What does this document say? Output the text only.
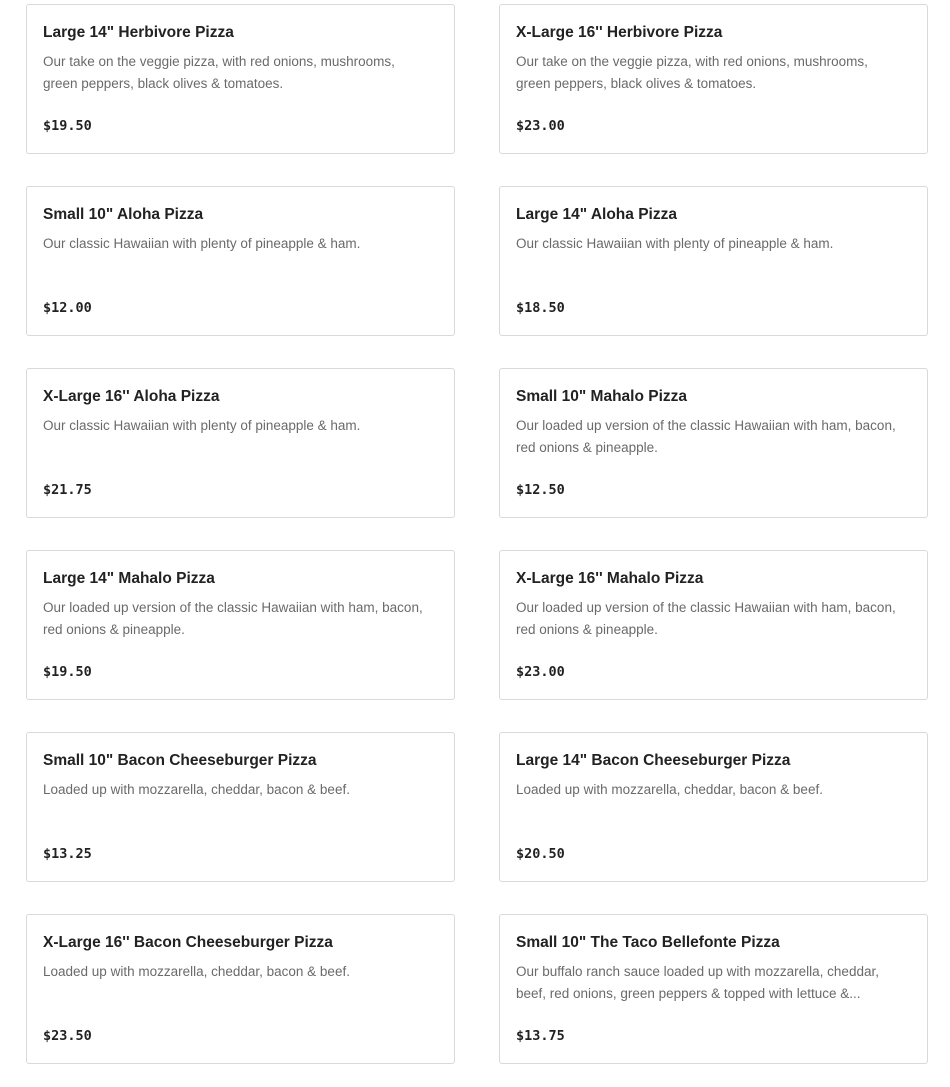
Large 14" Herbivore Pizza
Our take on the veggie pizza, with red onions, mushrooms, green peppers, black olives & tomatoes.
$19.50
X-Large 16'' Herbivore Pizza
Our take on the veggie pizza, with red onions, mushrooms, green peppers, black olives & tomatoes.
$23.00
Small 10" Aloha Pizza
Our classic Hawaiian with plenty of pineapple & ham.
$12.00
Large 14" Aloha Pizza
Our classic Hawaiian with plenty of pineapple & ham.
$18.50
X-Large 16'' Aloha Pizza
Our classic Hawaiian with plenty of pineapple & ham.
$21.75
Small 10" Mahalo Pizza
Our loaded up version of the classic Hawaiian with ham, bacon, red onions & pineapple.
$12.50
Large 14" Mahalo Pizza
Our loaded up version of the classic Hawaiian with ham, bacon, red onions & pineapple.
$19.50
X-Large 16'' Mahalo Pizza
Our loaded up version of the classic Hawaiian with ham, bacon, red onions & pineapple.
$23.00
Small 10" Bacon Cheeseburger Pizza
Loaded up with mozzarella, cheddar, bacon & beef.
$13.25
Large 14" Bacon Cheeseburger Pizza
Loaded up with mozzarella, cheddar, bacon & beef.
$20.50
X-Large 16'' Bacon Cheeseburger Pizza
Loaded up with mozzarella, cheddar, bacon & beef.
$23.50
Small 10" The Taco Bellefonte Pizza
Our buffalo ranch sauce loaded up with mozzarella, cheddar, beef, red onions, green peppers & topped with lettuce &...
$13.75
